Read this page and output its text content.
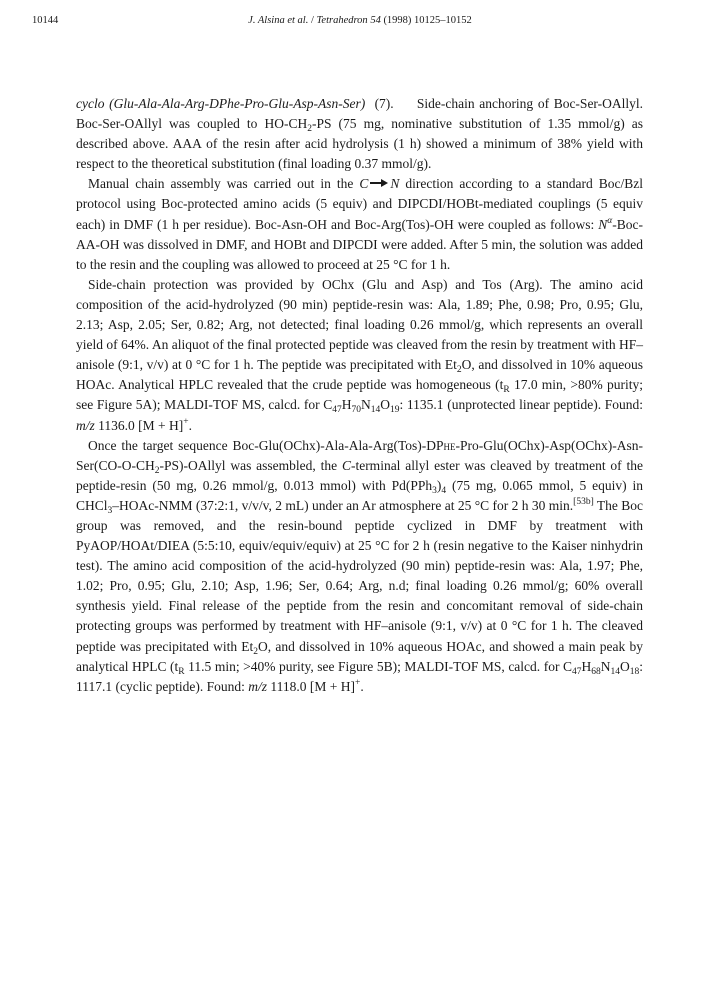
10144	J. Alsina et al. / Tetrahedron 54 (1998) 10125–10152

cyclo (Glu-Ala-Ala-Arg-DPhe-Pro-Glu-Asp-Asn-Ser) (7). Side-chain anchoring of Boc-Ser-OAllyl. Boc-Ser-OAllyl was coupled to $HO-CH_2-PS$ (75 mg, nominative substitution of 1.35 mmol/g) as described above. AAA of the resin after acid hydrolysis (1 h) showed a minimum of 38% yield with respect to the theoretical substitution (final loading 0.37 mmol/g).

Manual chain assembly was carried out in the C N direction according to a standard Boc/Bzl protocol using Boc-protected amino acids (5 equiv) and DIPCDI/HOBt-mediated couplings (5 equiv each) in DMF (1 h per residue). Boc-Asn-OH and Boc-Arg(Tos)-OH were coupled as follows: $N^\alpha-Boc-AA-OH$ was dissolved in DMF, and HOBt and DIPCDI were added. After 5 min, the solution was added to the resin and the coupling was allowed to proceed at 25 °C for 1 h.

Side-chain protection was provided by OChx (Glu and Asp) and Tos (Arg). The amino acid composition of the acid-hydrolyzed (90 min) peptide-resin was: Ala, 1.89; Phe, 0.98; Pro, 0.95; Glu, 2.13; Asp, 2.05; Ser, 0.82; Arg, not detected; final loading 0.26 mmol/g, which represents an overall yield of 64%. An aliquot of the final protected peptide was cleaved from the resin by treatment with HF–anisole (9:1, v/v) at 0 °C for 1 h. The peptide was precipitated with $Et_2O$, and dissolved in 10% aqueous HOAc. Analytical HPLC revealed that the crude peptide was homogeneous ($t_R$ 17.0 min, >80% purity; see Figure 5A); MALDI-TOF MS, calcd. for $C_{47}H_{70}N_{14}O_{19}$: 1135.1 (unprotected linear peptide). Found: m/z 1136.0 [M + H]+.

Once the target sequence Boc-$Glu(OChx)-Ala-Ala-Arg(Tos)-DPhe-Pro-Glu(OChx)-Asp(OChx)-Asn-Ser(CO-O-CH_2-PS)$-OAllyl was assembled, the C-terminal allyl ester was cleaved by treatment of the peptide-resin (50 mg, 0.26 mmol/g, 0.013 mmol) with $Pd(PPh_3)_4$ (75 mg, 0.065 mmol, 5 equiv) in CHCl$_3$–HOAc-NMM (37:2:1, v/v/v, 2 mL) under an Ar atmosphere at 25 °C for 2 h 30 min.[53b] The Boc group was removed, and the resin-bound peptide cyclized in DMF by treatment with PyAOP/HOAt/DIEA (5:5:10, equiv/equiv/equiv) at 25 °C for 2 h (resin negative to the Kaiser ninhydrin test). The amino acid composition of the acid-hydrolyzed (90 min) peptide-resin was: Ala, 1.97; Phe, 1.02; Pro, 0.95; Glu, 2.10; Asp, 1.96; Ser, 0.64; Arg, n.d; final loading 0.26 mmol/g; 60% overall synthesis yield. Final release of the peptide from the resin and concomitant removal of side-chain protecting groups was performed by treatment with HF–anisole (9:1, v/v) at 0 °C for 1 h. The cleaved peptide was precipitated with $Et_2O$, and dissolved in 10% aqueous HOAc, and showed a main peak by analytical HPLC ($t_R$ 11.5 min; >40% purity, see Figure 5B); MALDI-TOF MS, calcd. for $C_{47}H_{68}N_{14}O_{18}$: 1117.1 (cyclic peptide). Found: m/z 1118.0 [M + H]+.
